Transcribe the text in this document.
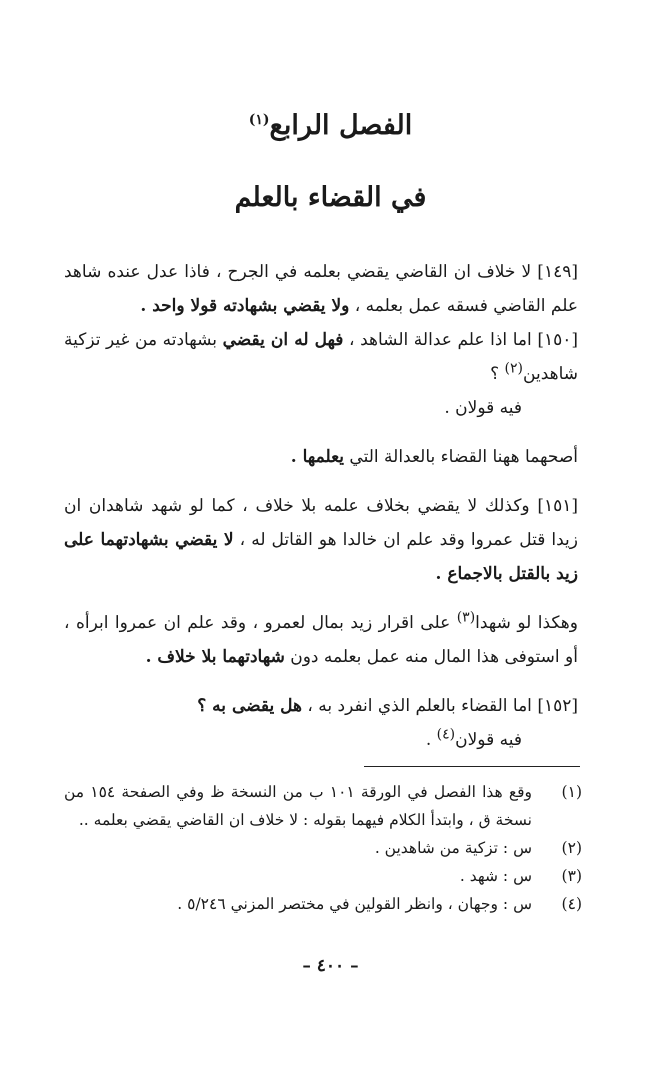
الفصل الرابع$^{(١)}$
في القضاء بالعلم

[١٤٩] لا خلاف ان القاضي يقضي بعلمه في الجرح ، فاذا عدل عنده شاهد علم القاضي فسقه عمل بعلمه ، ولا يقضي بشهادته قولا واحد .

[١٥٠] اما اذا علم عدالة الشاهد ، فهل له ان يقضي بشهادته من غير تزكية شاهدين$^{(٢)}$ ؟

فيه قولان .

أصحهما ههنا القضاء بالعدالة التي يعلمها .

[١٥١] وكذلك لا يقضي بخلاف علمه بلا خلاف ، كما لو شهد شاهدان ان زيدا قتل عمروا وقد علم ان خالدا هو القاتل له ، لا يقضي بشهادتهما على زيد بالقتل بالاجماع .

وهكذا لو شهدا$^{(٣)}$ على اقرار زيد بمال لعمرو ، وقد علم ان عمروا ابرأه ، أو استوفى هذا المال منه عمل بعلمه دون شهادتهما بلا خلاف .

[١٥٢] اما القضاء بالعلم الذي انفرد به ، هل يقضى به ؟

فيه قولان$^{(٤)}$ .

(١)
وقع هذا الفصل في الورقة ١٠١ ب من النسخة ظ وفي الصفحة ١٥٤ من نسخة ق ، وابتدأ الكلام فيهما بقوله : لا خلاف ان القاضي يقضي بعلمه ..
(٢)
س : تزكية من شاهدين .
(٣)
س : شهد .
(٤)
س : وجهان ، وانظر القولين في مختصر المزني ٥/٢٤٦ .
– ٤٠٠ –
